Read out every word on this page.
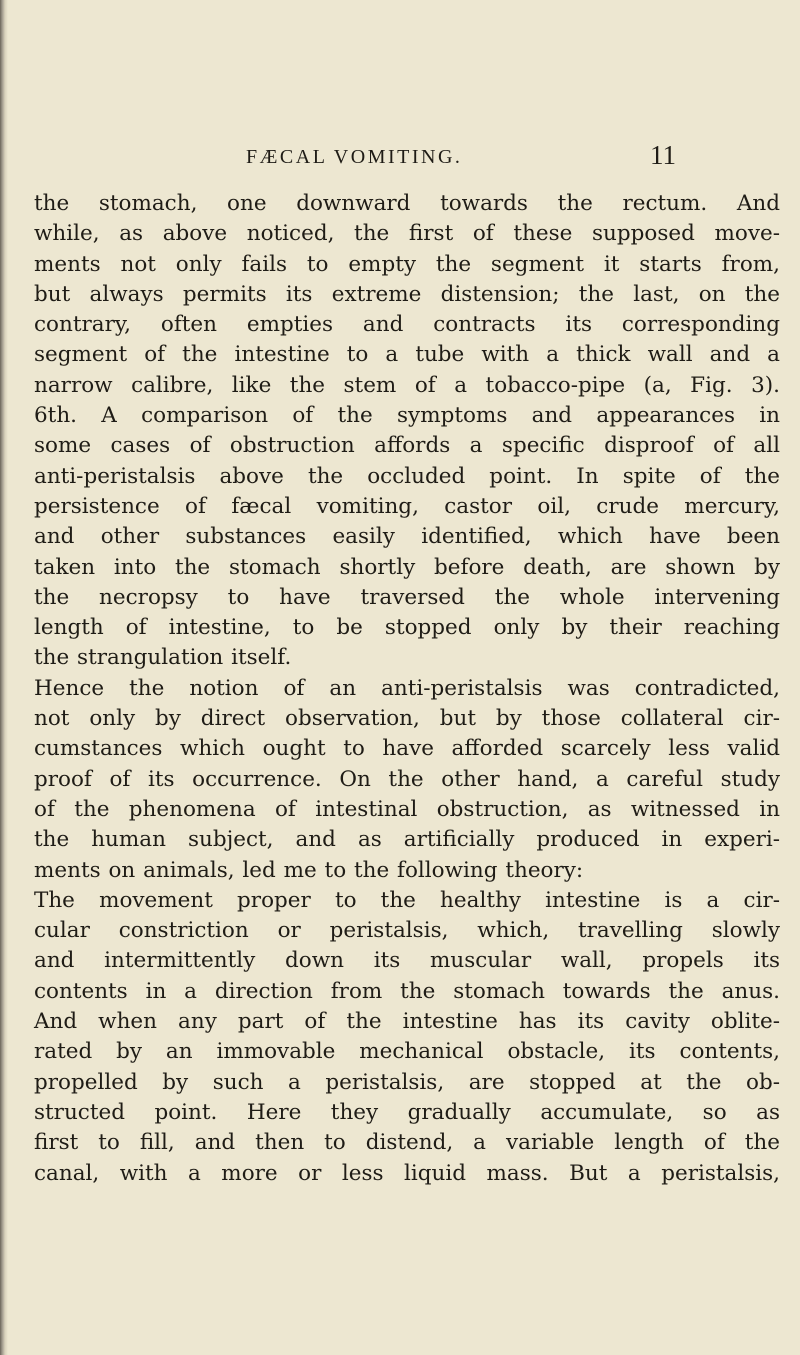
FÆCAL VOMITING.	11
the stomach, one downward towards the rectum. And
while, as above noticed, the first of these supposed move-
ments not only fails to empty the segment it starts from,
but always permits its extreme distension; the last, on the
contrary, often empties and contracts its corresponding
segment of the intestine to a tube with a thick wall and a
narrow calibre, like the stem of a tobacco-pipe (a, Fig. 3).
6th. A comparison of the symptoms and appearances in
some cases of obstruction affords a specific disproof of all
anti-peristalsis above the occluded point. In spite of the
persistence of fæcal vomiting, castor oil, crude mercury,
and other substances easily identified, which have been
taken into the stomach shortly before death, are shown by
the necropsy to have traversed the whole intervening
length of intestine, to be stopped only by their reaching
the strangulation itself.
Hence the notion of an anti-peristalsis was contradicted,
not only by direct observation, but by those collateral cir-
cumstances which ought to have afforded scarcely less valid
proof of its occurrence. On the other hand, a careful study
of the phenomena of intestinal obstruction, as witnessed in
the human subject, and as artificially produced in experi-
ments on animals, led me to the following theory:
The movement proper to the healthy intestine is a cir-
cular constriction or peristalsis, which, travelling slowly
and intermittently down its muscular wall, propels its
contents in a direction from the stomach towards the anus.
And when any part of the intestine has its cavity oblite-
rated by an immovable mechanical obstacle, its contents,
propelled by such a peristalsis, are stopped at the ob-
structed point. Here they gradually accumulate, so as
first to fill, and then to distend, a variable length of the
canal, with a more or less liquid mass. But a peristalsis,
